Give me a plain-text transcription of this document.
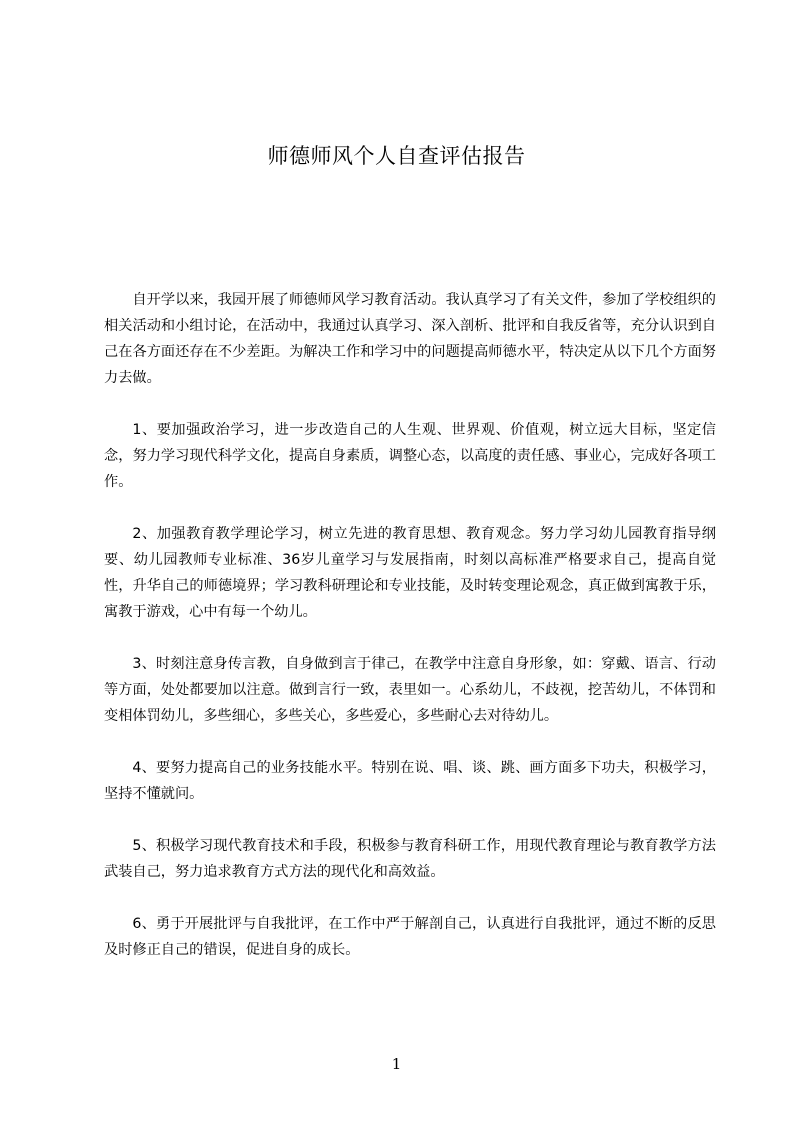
师德师风个人自查评估报告

自开学以来，我园开展了师德师风学习教育活动。我认真学习了有关文件，参加了学校组织的相关活动和小组讨论，在活动中，我通过认真学习、深入剖析、批评和自我反省等，充分认识到自己在各方面还存在不少差距。为解决工作和学习中的问题提高师德水平，特决定从以下几个方面努力去做。

1、要加强政治学习，进一步改造自己的人生观、世界观、价值观，树立远大目标，坚定信念，努力学习现代科学文化，提高自身素质，调整心态，以高度的责任感、事业心，完成好各项工作。

2、加强教育教学理论学习，树立先进的教育思想、教育观念。努力学习幼儿园教育指导纲要、幼儿园教师专业标准、36岁儿童学习与发展指南，时刻以高标准严格要求自己，提高自觉性，升华自己的师德境界；学习教科研理论和专业技能，及时转变理论观念，真正做到寓教于乐，寓教于游戏，心中有每一个幼儿。

3、时刻注意身传言教，自身做到言于律己，在教学中注意自身形象，如：穿戴、语言、行动等方面，处处都要加以注意。做到言行一致，表里如一。心系幼儿，不歧视，挖苦幼儿，不体罚和变相体罚幼儿，多些细心，多些关心，多些爱心，多些耐心去对待幼儿。

4、要努力提高自己的业务技能水平。特别在说、唱、谈、跳、画方面多下功夫，积极学习，坚持不懂就问。

5、积极学习现代教育技术和手段，积极参与教育科研工作，用现代教育理论与教育教学方法武装自己，努力追求教育方式方法的现代化和高效益。

6、勇于开展批评与自我批评，在工作中严于解剖自己，认真进行自我批评，通过不断的反思及时修正自己的错误，促进自身的成长。

1
